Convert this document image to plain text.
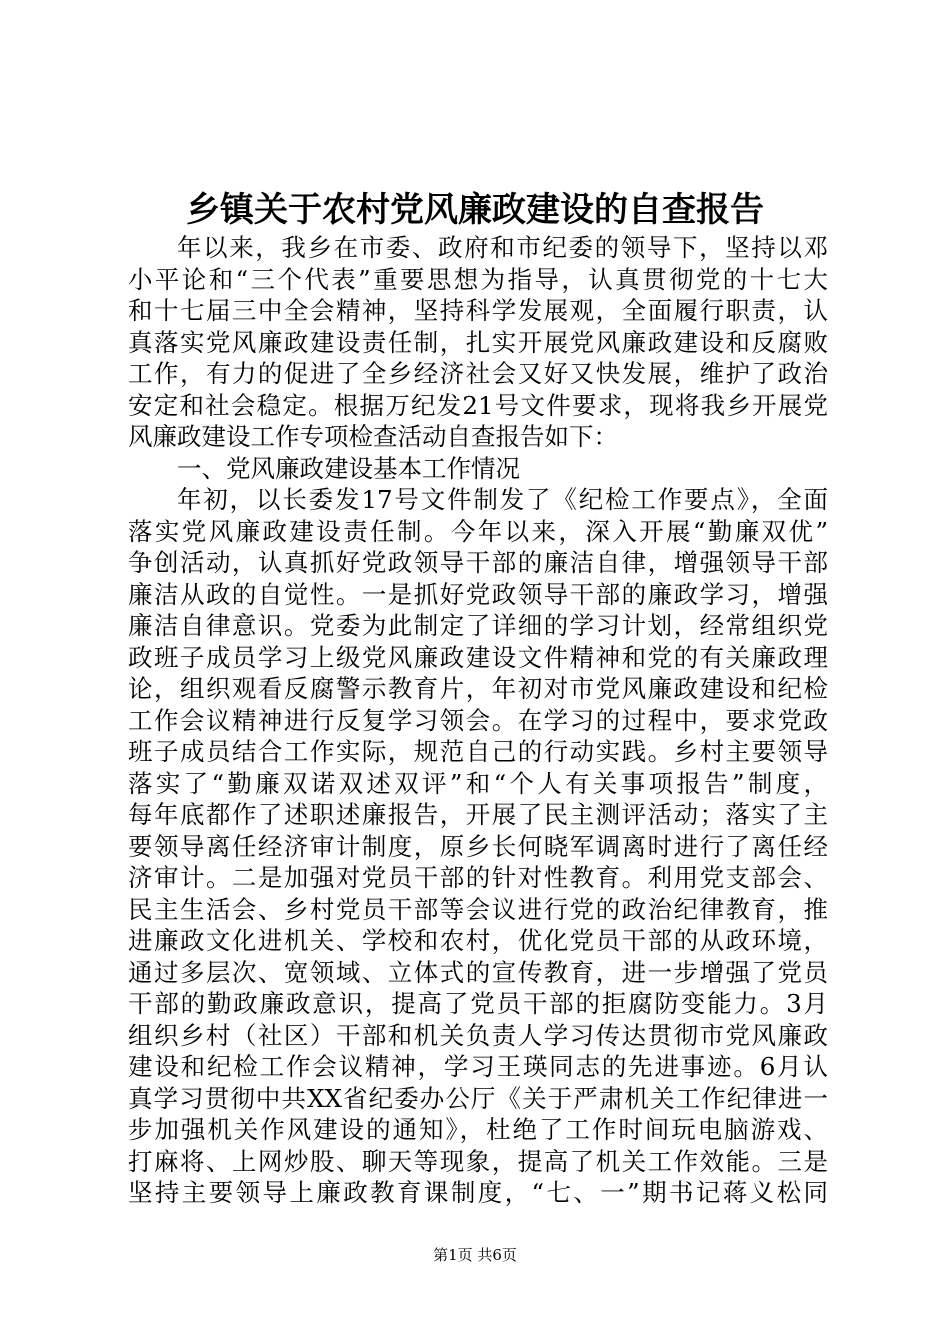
乡镇关于农村党风廉政建设的自查报告
年以来，我乡在市委、政府和市纪委的领导下，坚持以邓
小平论和“三个代表”重要思想为指导，认真贯彻党的十七大
和十七届三中全会精神，坚持科学发展观，全面履行职责，认
真落实党风廉政建设责任制，扎实开展党风廉政建设和反腐败
工作，有力的促进了全乡经济社会又好又快发展，维护了政治
安定和社会稳定。根据万纪发21号文件要求，现将我乡开展党
风廉政建设工作专项检查活动自查报告如下：
一、党风廉政建设基本工作情况
年初，以长委发17号文件制发了《纪检工作要点》，全面
落实党风廉政建设责任制。今年以来，深入开展“勤廉双优”
争创活动，认真抓好党政领导干部的廉洁自律，增强领导干部
廉洁从政的自觉性。一是抓好党政领导干部的廉政学习，增强
廉洁自律意识。党委为此制定了详细的学习计划，经常组织党
政班子成员学习上级党风廉政建设文件精神和党的有关廉政理
论，组织观看反腐警示教育片，年初对市党风廉政建设和纪检
工作会议精神进行反复学习领会。在学习的过程中，要求党政
班子成员结合工作实际，规范自己的行动实践。乡村主要领导
落实了“勤廉双诺双述双评”和“个人有关事项报告”制度，
每年底都作了述职述廉报告，开展了民主测评活动；落实了主
要领导离任经济审计制度，原乡长何晓军调离时进行了离任经
济审计。二是加强对党员干部的针对性教育。利用党支部会、
民主生活会、乡村党员干部等会议进行党的政治纪律教育，推
进廉政文化进机关、学校和农村，优化党员干部的从政环境，
通过多层次、宽领域、立体式的宣传教育，进一步增强了党员
干部的勤政廉政意识，提高了党员干部的拒腐防变能力。3月
组织乡村（社区）干部和机关负责人学习传达贯彻市党风廉政
建设和纪检工作会议精神，学习王瑛同志的先进事迹。6月认
真学习贯彻中共XX省纪委办公厅《关于严肃机关工作纪律进一
步加强机关作风建设的通知》，杜绝了工作时间玩电脑游戏、
打麻将、上网炒股、聊天等现象，提高了机关工作效能。三是
坚持主要领导上廉政教育课制度，“七、一”期书记蒋义松同
第1页 共6页
